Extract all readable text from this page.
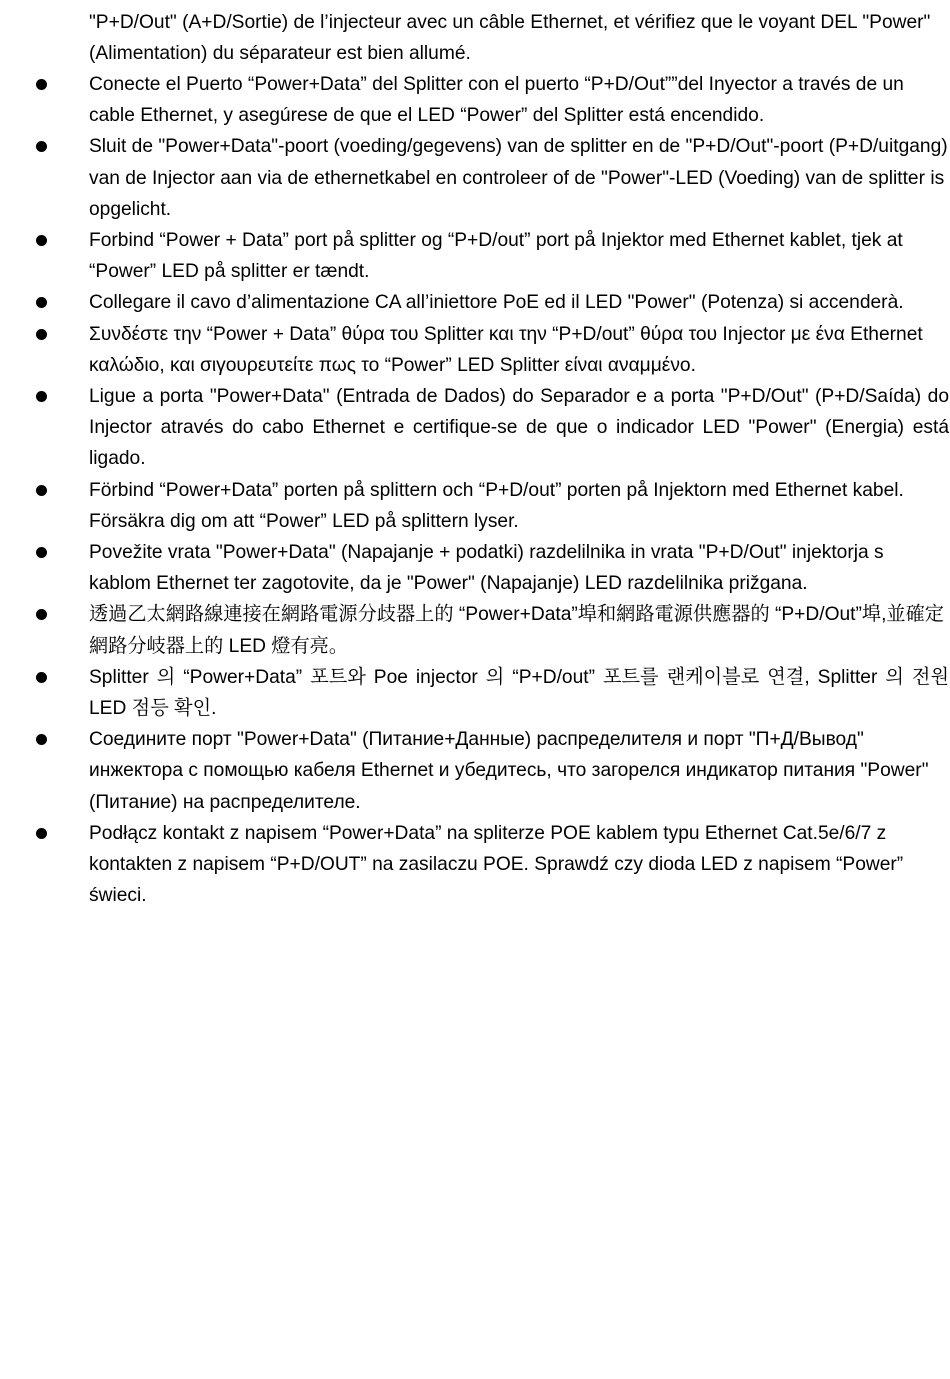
"P+D/Out" (A+D/Sortie) de l’injecteur avec un câble Ethernet, et vérifiez que le voyant DEL "Power" (Alimentation) du séparateur est bien allumé.
Conecte el Puerto “Power+Data” del Splitter con el puerto “P+D/Out””del Inyector a través de un cable Ethernet, y asegúrese de que el LED “Power” del Splitter está encendido.
Sluit de "Power+Data"-poort (voeding/gegevens) van de splitter en de "P+D/Out"-poort (P+D/uitgang) van de Injector aan via de ethernetkabel en controleer of de "Power"-LED (Voeding) van de splitter is opgelicht.
Forbind “Power + Data” port på splitter og “P+D/out” port på Injektor med Ethernet kablet, tjek at “Power” LED på splitter er tændt.
Collegare il cavo d’alimentazione CA all’iniettore PoE ed il LED "Power" (Potenza) si accenderà.
Συνδέστε την “Power + Data” θύρα του Splitter και την “P+D/out” θύρα του Injector με ένα Ethernet καλώδιο, και σιγουρευτείτε πως το “Power” LED Splitter είναι αναμμένο.
Ligue a porta "Power+Data" (Entrada de Dados) do Separador e a porta "P+D/Out" (P+D/Saída) do Injector através do cabo Ethernet e certifique-se de que o indicador LED "Power" (Energia) está ligado.
Förbind “Power+Data” porten på splittern och “P+D/out” porten på Injektorn med Ethernet kabel. Försäkra dig om att “Power” LED på splittern lyser.
Povežite vrata "Power+Data" (Napajanje + podatki) razdelilnika in vrata "P+D/Out" injektorja s kablom Ethernet ter zagotovite, da je "Power" (Napajanje) LED razdelilnika prižgana.
透過乙太網路線連接在網路電源分歧器上的 “Power+Data”埠和網路電源供應器的 “P+D/Out”埠,並確定網路分岐器上的 LED 燈有亮。
Splitter 의 “Power+Data” 포트와 Poe injector 의 “P+D/out” 포트를 랜케이블로 연결, Splitter 의 전원 LED 점등 확인.
Соедините порт "Power+Data" (Питание+Данные) распределителя и порт "П+Д/Вывод" инжектора с помощью кабеля Ethernet и убедитесь, что загорелся индикатор питания "Power" (Питание) на распределителе.
Podłącz kontakt z napisem “Power+Data” na spliterze POE kablem typu Ethernet Cat.5e/6/7 z kontakten z napisem “P+D/OUT” na zasilaczu POE. Sprawdź czy dioda LED z napisem “Power” świeci.
